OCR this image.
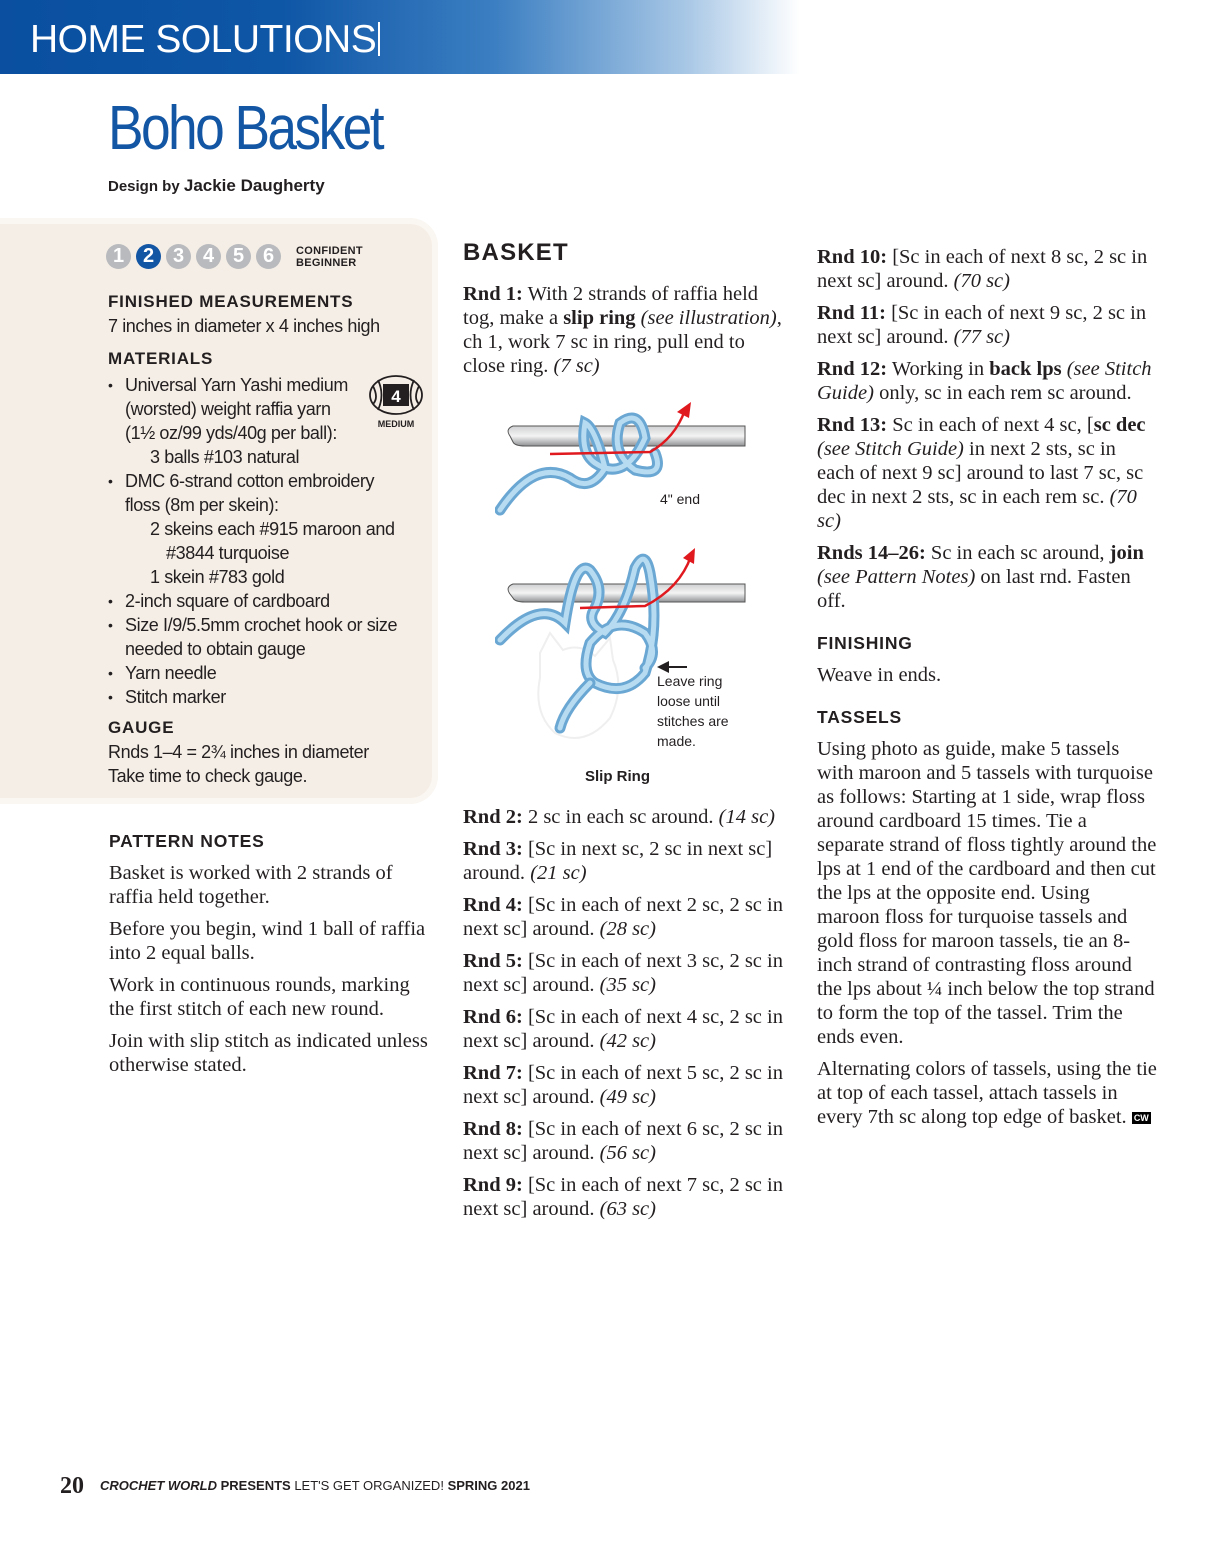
HOME SOLUTIONS
Boho Basket
Design by Jackie Daugherty
1 2 3 4 5 6	CONFIDENT
BEGINNER
FINISHED MEASUREMENTS

7 inches in diameter x 4 inches high

MATERIALS
• Universal Yarn Yashi medium
(worsted) weight raffia yarn
(1½ oz/99 yds/40g per ball):
3 balls #103 natural
• DMC 6-strand cotton embroidery
floss (8m per skein):
2 skeins each #915 maroon and
#3844 turquoise
1 skein #783 gold
• 2-inch square of cardboard
• Size I/9/5.5mm crochet hook or size
needed to obtain gauge
• Yarn needle
• Stitch marker
4
MEDIUM
GAUGE

Rnds 1–4 = 2¾ inches in diameter

Take time to check gauge.

PATTERN NOTES

Basket is worked with 2 strands of raffia held together.

Before you begin, wind 1 ball of raffia into 2 equal balls.

Work in continuous rounds, marking the first stitch of each new round.

Join with slip stitch as indicated unless otherwise stated.

BASKET

Rnd 1: With 2 strands of raffia held tog, make a slip ring (see illustration), ch 1, work 7 sc in ring, pull end to close ring. (7 sc)

4" end
Leave ring loose until stitches are made.
Slip Ring

Rnd 2: 2 sc in each sc around. (14 sc)

Rnd 3: [Sc in next sc, 2 sc in next sc] around. (21 sc)

Rnd 4: [Sc in each of next 2 sc, 2 sc in next sc] around. (28 sc)

Rnd 5: [Sc in each of next 3 sc, 2 sc in next sc] around. (35 sc)

Rnd 6: [Sc in each of next 4 sc, 2 sc in next sc] around. (42 sc)

Rnd 7: [Sc in each of next 5 sc, 2 sc in next sc] around. (49 sc)

Rnd 8: [Sc in each of next 6 sc, 2 sc in next sc] around. (56 sc)

Rnd 9: [Sc in each of next 7 sc, 2 sc in next sc] around. (63 sc)

Rnd 10: [Sc in each of next 8 sc, 2 sc in next sc] around. (70 sc)

Rnd 11: [Sc in each of next 9 sc, 2 sc in next sc] around. (77 sc)

Rnd 12: Working in back lps (see Stitch Guide) only, sc in each rem sc around.

Rnd 13: Sc in each of next 4 sc, [sc dec (see Stitch Guide) in next 2 sts, sc in each of next 9 sc] around to last 7 sc, sc dec in next 2 sts, sc in each rem sc. (70 sc)

Rnds 14–26: Sc in each sc around, join (see Pattern Notes) on last rnd. Fasten off.

FINISHING

Weave in ends.

TASSELS

Using photo as guide, make 5 tassels with maroon and 5 tassels with turquoise as follows: Starting at 1 side, wrap floss around cardboard 15 times. Tie a separate strand of floss tightly around the lps at 1 end of the cardboard and then cut the lps at the opposite end. Using maroon floss for turquoise tassels and gold floss for maroon tassels, tie an 8-inch strand of contrasting floss around the lps about ¼ inch below the top strand to form the top of the tassel. Trim the ends even.

Alternating colors of tassels, using the tie at top of each tassel, attach tassels in every 7th sc along top edge of basket. CW

20 CROCHET WORLD PRESENTS LET'S GET ORGANIZED! SPRING 2021
